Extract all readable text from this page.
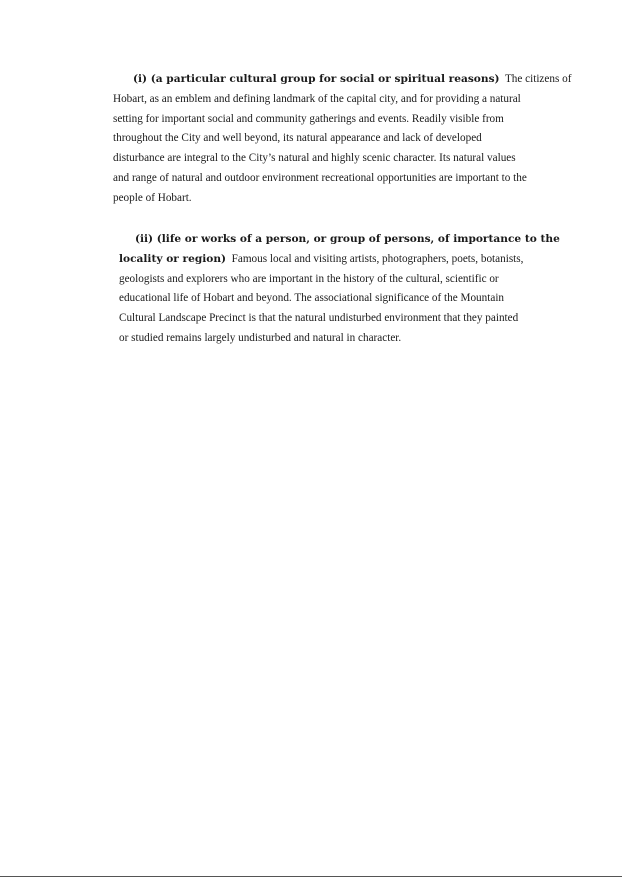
(i) (a particular cultural group for social or spiritual reasons) The citizens of
Hobart, as an emblem and defining landmark of the capital city, and for providing a natural
setting for important social and community gatherings and events. Readily visible from
throughout the City and well beyond, its natural appearance and lack of developed
disturbance are integral to the City’s natural and highly scenic character. Its natural values
and range of natural and outdoor environment recreational opportunities are important to the
people of Hobart.
(ii) (life or works of a person, or group of persons, of importance to the
locality or region) Famous local and visiting artists, photographers, poets, botanists,
geologists and explorers who are important in the history of the cultural, scientific or
educational life of Hobart and beyond. The associational significance of the Mountain
Cultural Landscape Precinct is that the natural undisturbed environment that they painted
or studied remains largely undisturbed and natural in character.
